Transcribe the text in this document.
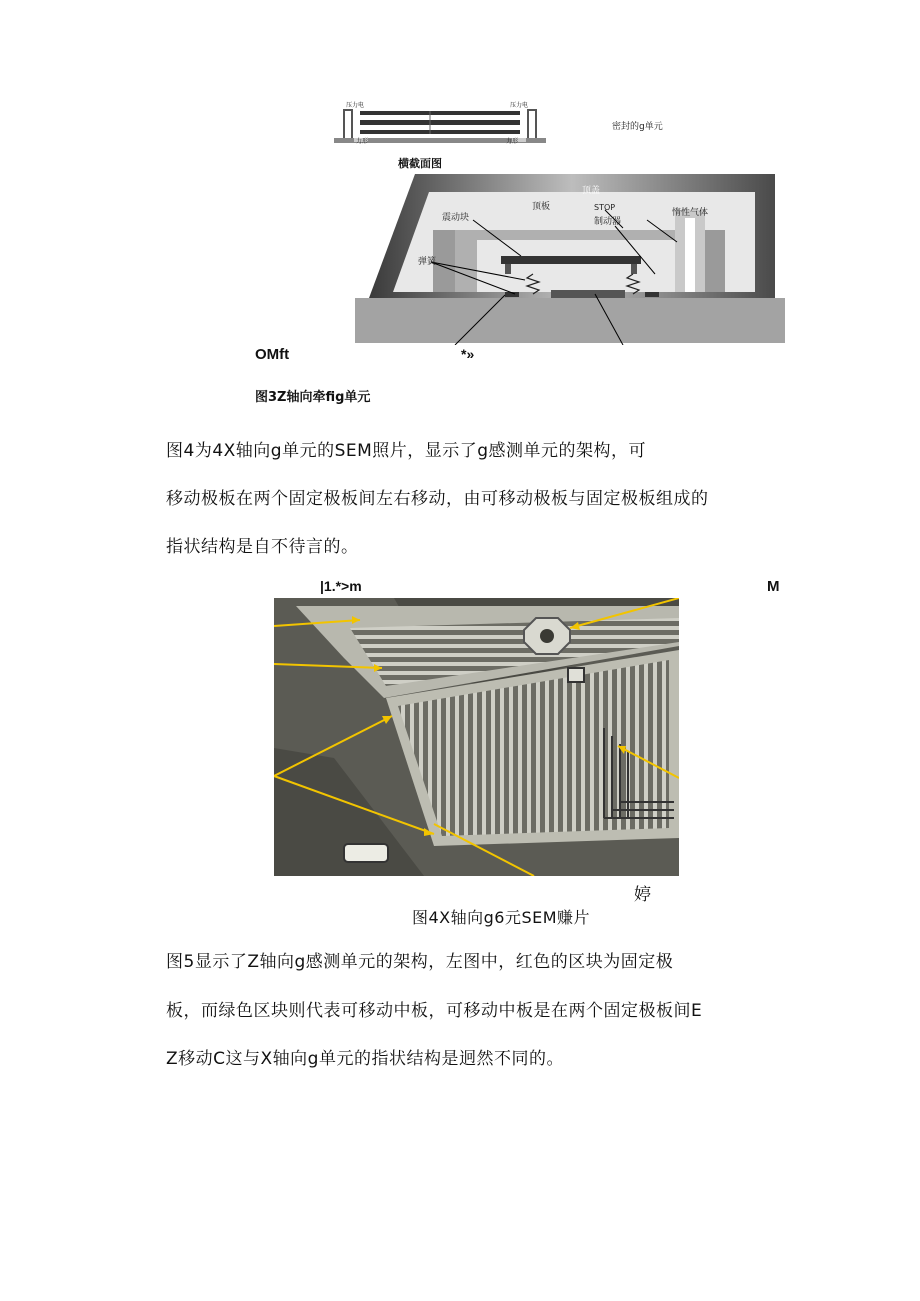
压力电	压力电
力形	力形
密封的g单元
横截面图
顶盖
顶板
震动块
STOP
制动器
惰性气体
弹簧
OMft	*»
图3Z轴向牵fig单元
图4为4X轴向g单元的SEM照片，显示了g感测单元的架构，可
移动极板在两个固定极板间左右移动，由可移动极板与固定极板组成的
指状结构是自不待言的。
|1.*>m	M
婷
图4X轴向g6元SEM赚片
图5显示了Z轴向g感测单元的架构，左图中，红色的区块为固定极
板，而绿色区块则代表可移动中板，可移动中板是在两个固定极板间E
Z移动C这与X轴向g单元的指状结构是迥然不同的。
